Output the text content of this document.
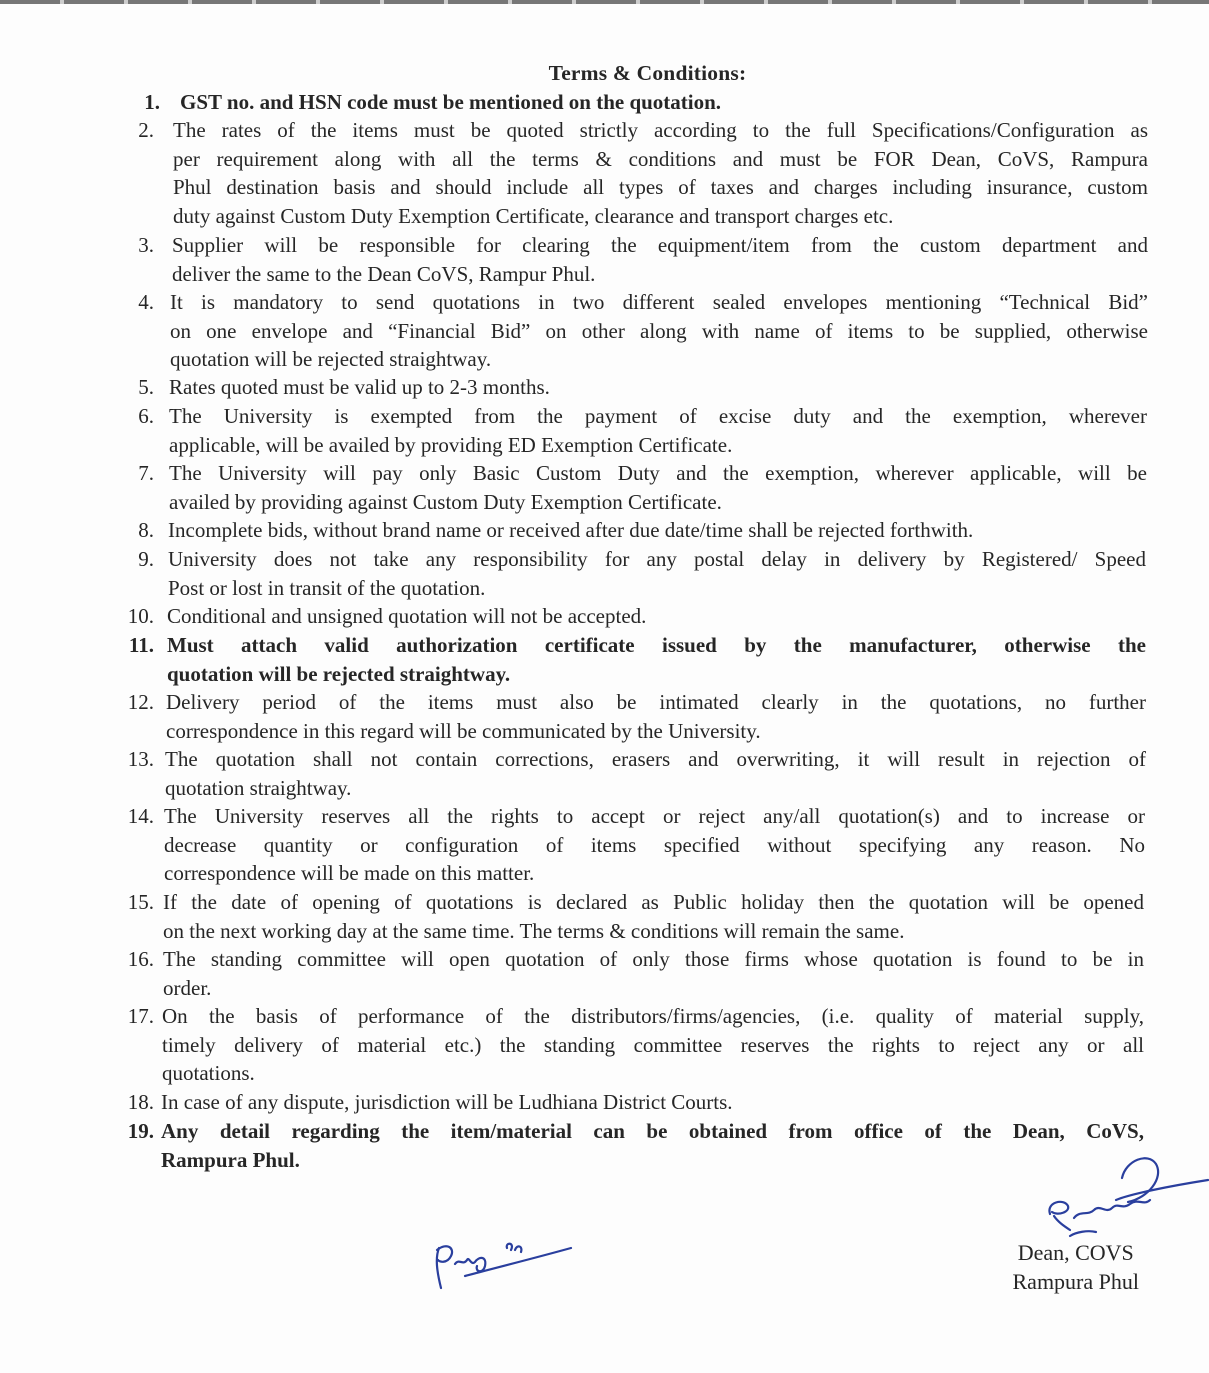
Terms & Conditions:
1. GST no. and HSN code must be mentioned on the quotation.
2. The rates of the items must be quoted strictly according to the full Specifications/Configuration as
per requirement along with all the terms & conditions and must be FOR Dean, CoVS, Rampura
Phul destination basis and should include all types of taxes and charges including insurance, custom
duty against Custom Duty Exemption Certificate, clearance and transport charges etc.
3. Supplier will be responsible for clearing the equipment/item from the custom department and
deliver the same to the Dean CoVS, Rampur Phul.
4. It is mandatory to send quotations in two different sealed envelopes mentioning “Technical Bid”
on one envelope and “Financial Bid” on other along with name of items to be supplied, otherwise
quotation will be rejected straightway.
5. Rates quoted must be valid up to 2-3 months.
6. The University is exempted from the payment of excise duty and the exemption, wherever
applicable, will be availed by providing ED Exemption Certificate.
7. The University will pay only Basic Custom Duty and the exemption, wherever applicable, will be
availed by providing against Custom Duty Exemption Certificate.
8. Incomplete bids, without brand name or received after due date/time shall be rejected forthwith.
9. University does not take any responsibility for any postal delay in delivery by Registered/ Speed
Post or lost in transit of the quotation.
10. Conditional and unsigned quotation will not be accepted.
11. Must attach valid authorization certificate issued by the manufacturer, otherwise the
quotation will be rejected straightway.
12. Delivery period of the items must also be intimated clearly in the quotations, no further
correspondence in this regard will be communicated by the University.
13. The quotation shall not contain corrections, erasers and overwriting, it will result in rejection of
quotation straightway.
14. The University reserves all the rights to accept or reject any/all quotation(s) and to increase or
decrease quantity or configuration of items specified without specifying any reason. No
correspondence will be made on this matter.
15. If the date of opening of quotations is declared as Public holiday then the quotation will be opened
on the next working day at the same time. The terms & conditions will remain the same.
16. The standing committee will open quotation of only those firms whose quotation is found to be in
order.
17. On the basis of performance of the distributors/firms/agencies, (i.e. quality of material supply,
timely delivery of material etc.) the standing committee reserves the rights to reject any or all
quotations.
18. In case of any dispute, jurisdiction will be Ludhiana District Courts.
19. Any detail regarding the item/material can be obtained from office of the Dean, CoVS,
Rampura Phul.
Dean, COVS
Rampura Phul
